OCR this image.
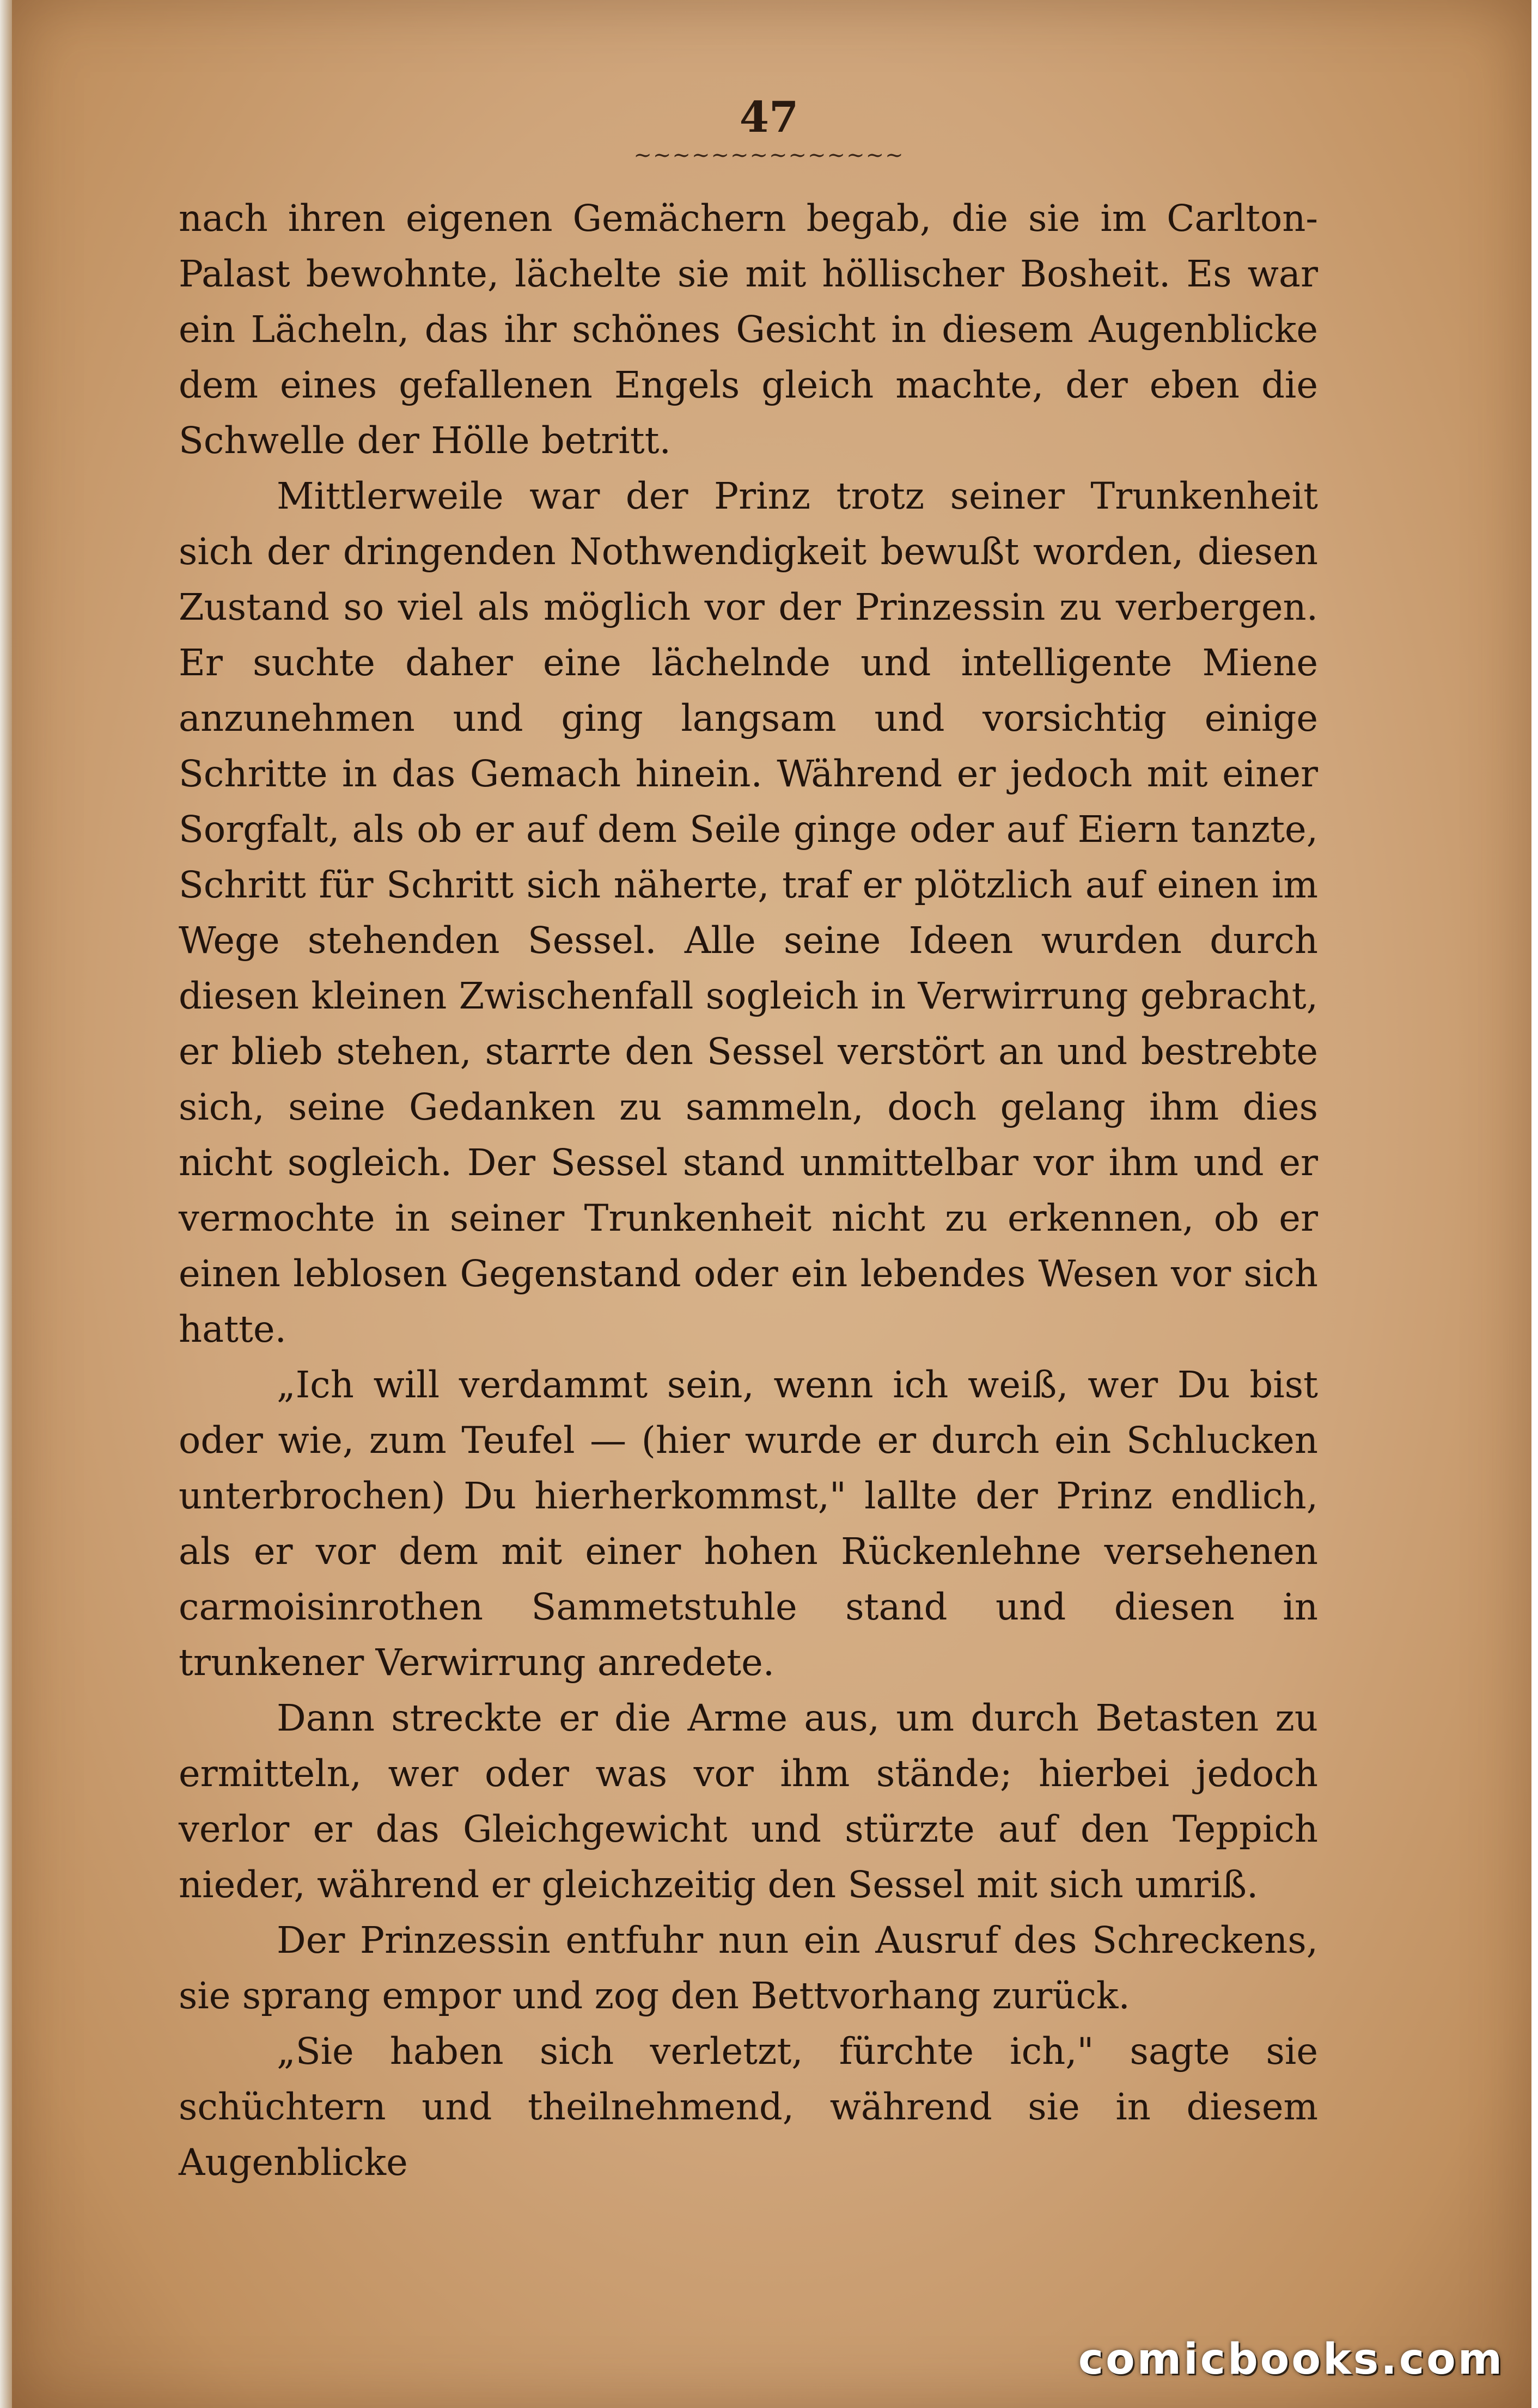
47
~~~~~~~~~~~~~~

nach ihren eigenen Gemächern begab, die sie im Carlton-Palast bewohnte, lächelte sie mit höllischer Bosheit. Es war ein Lächeln, das ihr schönes Gesicht in diesem Augenblicke dem eines gefallenen Engels gleich machte, der eben die Schwelle der Hölle betritt.

Mittlerweile war der Prinz trotz seiner Trunkenheit sich der dringenden Nothwendigkeit bewußt worden, diesen Zustand so viel als möglich vor der Prinzessin zu verbergen. Er suchte daher eine lächelnde und intelligente Miene anzunehmen und ging langsam und vorsichtig einige Schritte in das Gemach hinein. Während er jedoch mit einer Sorgfalt, als ob er auf dem Seile ginge oder auf Eiern tanzte, Schritt für Schritt sich näherte, traf er plötzlich auf einen im Wege stehenden Sessel. Alle seine Ideen wurden durch diesen kleinen Zwischenfall sogleich in Verwirrung gebracht, er blieb stehen, starrte den Sessel verstört an und bestrebte sich, seine Gedanken zu sammeln, doch gelang ihm dies nicht sogleich. Der Sessel stand unmittelbar vor ihm und er vermochte in seiner Trunkenheit nicht zu erkennen, ob er einen leblosen Gegenstand oder ein lebendes Wesen vor sich hatte.

„Ich will verdammt sein, wenn ich weiß, wer Du bist oder wie, zum Teufel — (hier wurde er durch ein Schlucken unterbrochen) Du hierherkommst," lallte der Prinz endlich, als er vor dem mit einer hohen Rückenlehne versehenen carmoisinrothen Sammetstuhle stand und diesen in trunkener Verwirrung anredete.

Dann streckte er die Arme aus, um durch Betasten zu ermitteln, wer oder was vor ihm stände; hierbei jedoch verlor er das Gleichgewicht und stürzte auf den Teppich nieder, während er gleichzeitig den Sessel mit sich umriß.

Der Prinzessin entfuhr nun ein Ausruf des Schreckens, sie sprang empor und zog den Bettvorhang zurück.

„Sie haben sich verletzt, fürchte ich," sagte sie schüchtern und theilnehmend, während sie in diesem Augenblicke

comicbooks.com
